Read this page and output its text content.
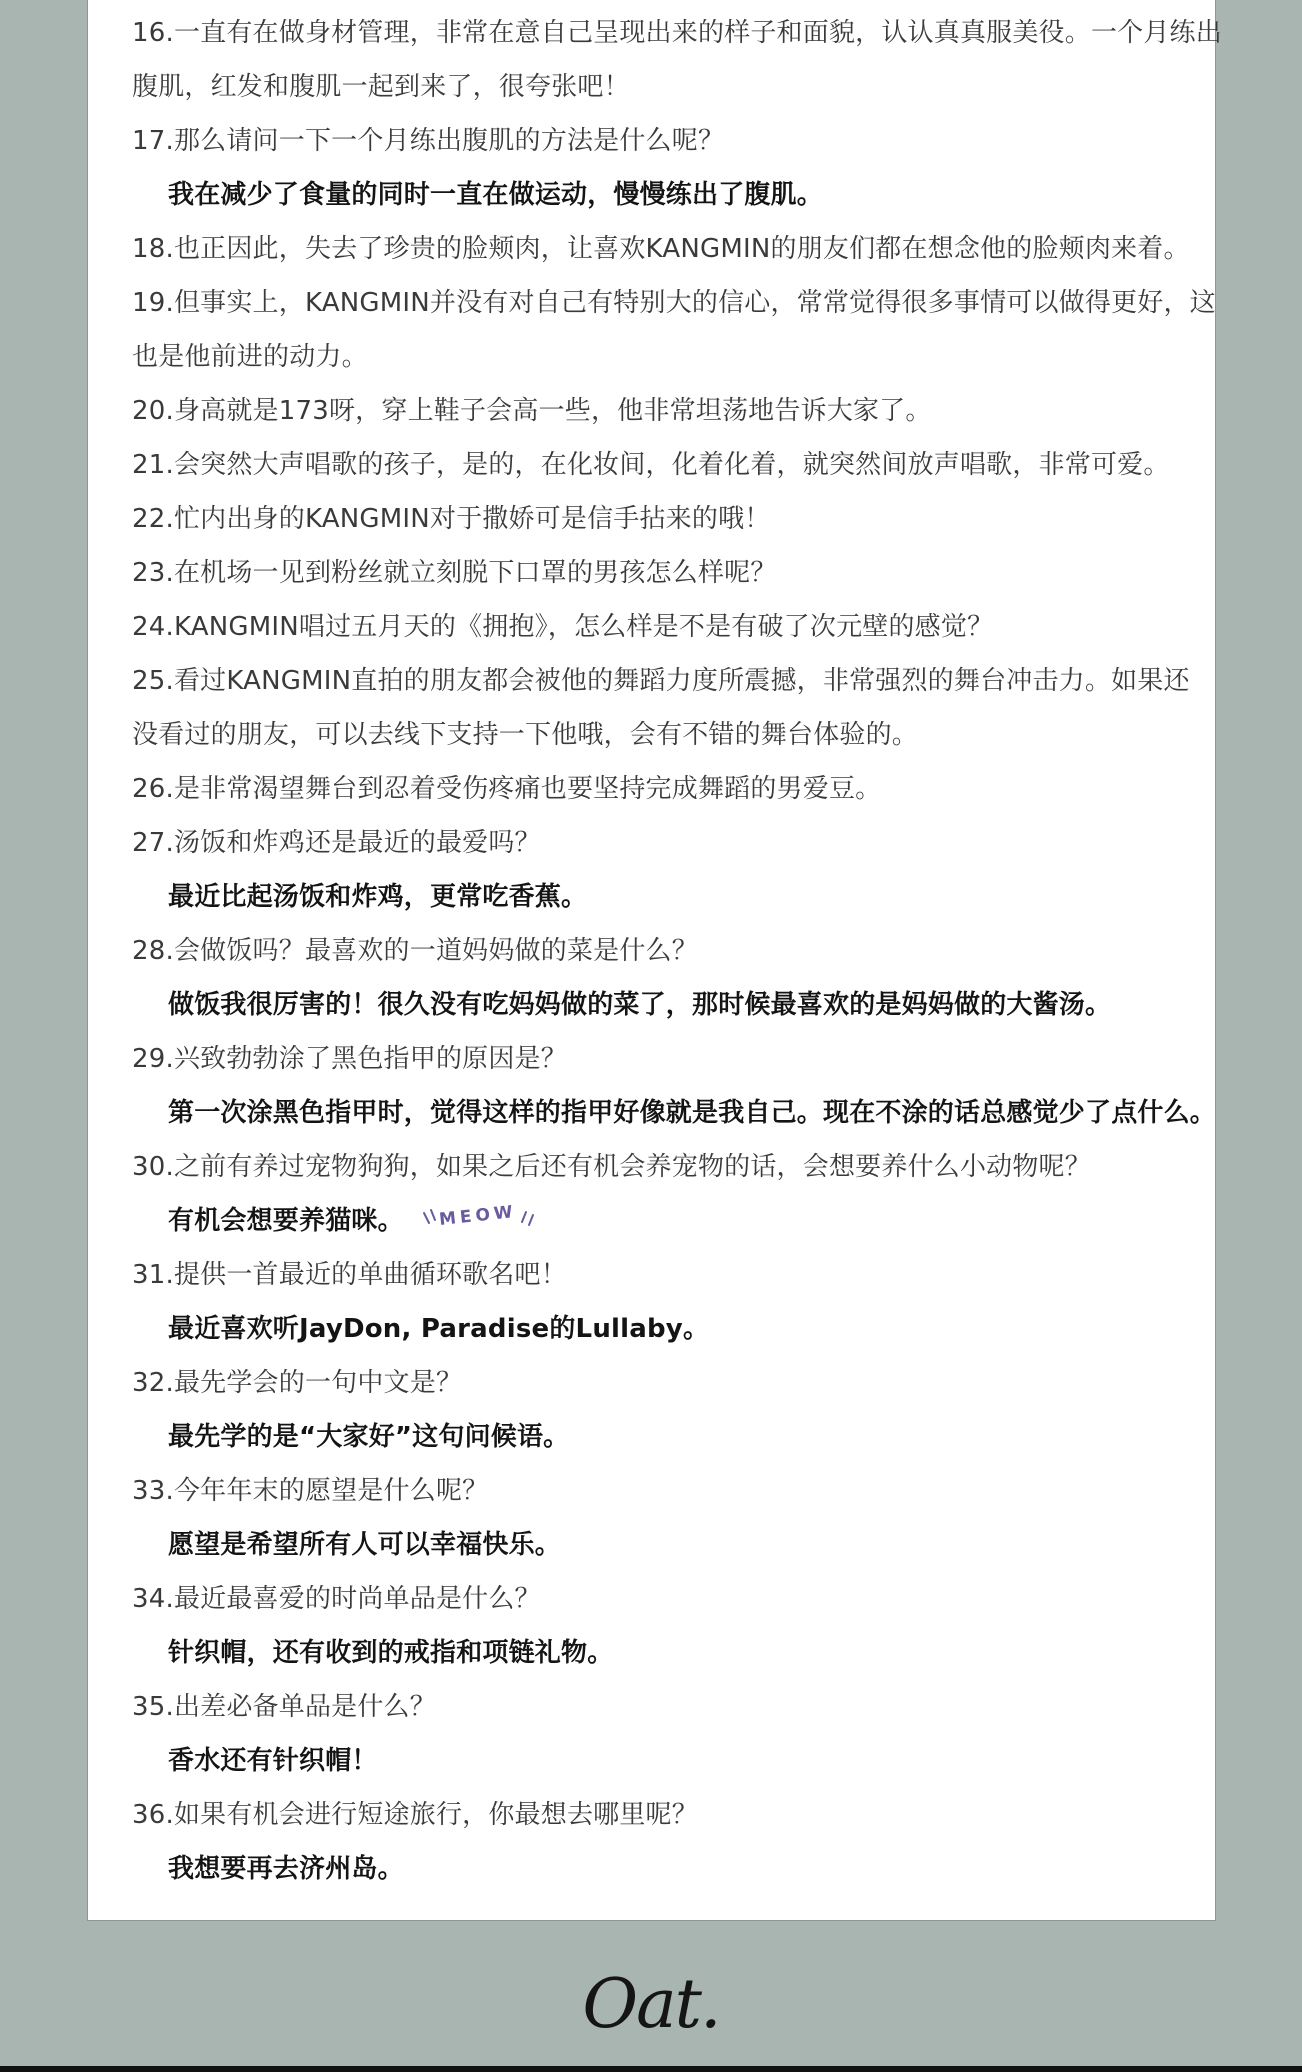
16.一直有在做身材管理，非常在意自己呈现出来的样子和面貌，认认真真服美役。一个月练出
腹肌，红发和腹肌一起到来了，很夸张吧！
17.那么请问一下一个月练出腹肌的方法是什么呢？
我在减少了食量的同时一直在做运动，慢慢练出了腹肌。
18.也正因此，失去了珍贵的脸颊肉，让喜欢KANGMIN的朋友们都在想念他的脸颊肉来着。
19.但事实上，KANGMIN并没有对自己有特别大的信心，常常觉得很多事情可以做得更好，这
也是他前进的动力。
20.身高就是173呀，穿上鞋子会高一些，他非常坦荡地告诉大家了。
21.会突然大声唱歌的孩子，是的，在化妆间，化着化着，就突然间放声唱歌，非常可爱。
22.忙内出身的KANGMIN对于撒娇可是信手拈来的哦！
23.在机场一见到粉丝就立刻脱下口罩的男孩怎么样呢？
24.KANGMIN唱过五月天的《拥抱》，怎么样是不是有破了次元壁的感觉？
25.看过KANGMIN直拍的朋友都会被他的舞蹈力度所震撼，非常强烈的舞台冲击力。如果还
没看过的朋友，可以去线下支持一下他哦，会有不错的舞台体验的。
26.是非常渴望舞台到忍着受伤疼痛也要坚持完成舞蹈的男爱豆。
27.汤饭和炸鸡还是最近的最爱吗？
最近比起汤饭和炸鸡，更常吃香蕉。
28.会做饭吗？最喜欢的一道妈妈做的菜是什么？
做饭我很厉害的！很久没有吃妈妈做的菜了，那时候最喜欢的是妈妈做的大酱汤。
29.兴致勃勃涂了黑色指甲的原因是？
第一次涂黑色指甲时，觉得这样的指甲好像就是我自己。现在不涂的话总感觉少了点什么。
30.之前有养过宠物狗狗，如果之后还有机会养宠物的话，会想要养什么小动物呢？
有机会想要养猫咪。 MEOW
31.提供一首最近的单曲循环歌名吧！
最近喜欢听JayDon, Paradise的Lullaby。
32.最先学会的一句中文是？
最先学的是“大家好”这句问候语。
33.今年年末的愿望是什么呢？
愿望是希望所有人可以幸福快乐。
34.最近最喜爱的时尚单品是什么？
针织帽，还有收到的戒指和项链礼物。
35.出差必备单品是什么？
香水还有针织帽！
36.如果有机会进行短途旅行，你最想去哪里呢？
我想要再去济州岛。
Oat.
